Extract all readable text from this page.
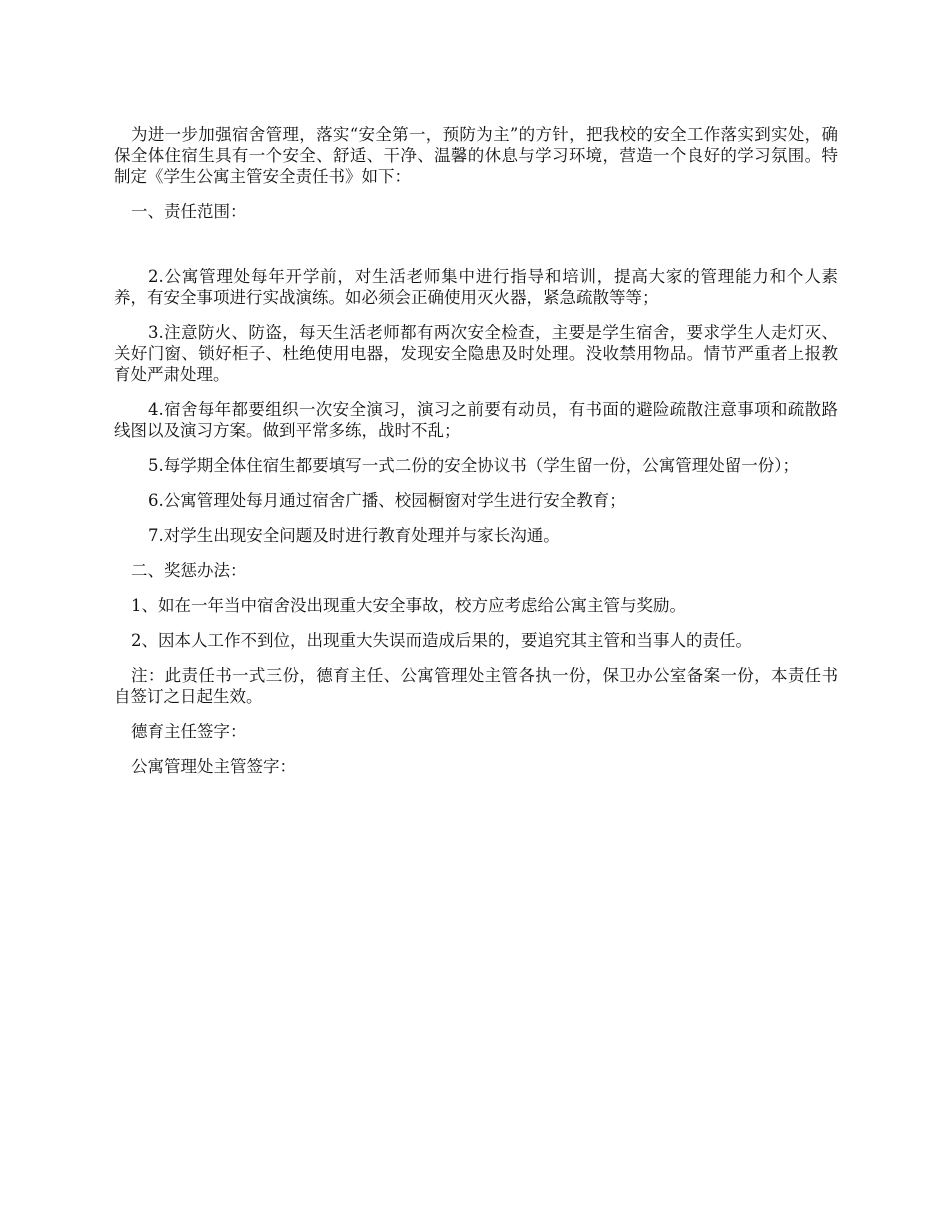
为进一步加强宿舍管理，落实“安全第一，预防为主”的方针，把我校的安全工作落实到实处，确保全体住宿生具有一个安全、舒适、干净、温馨的休息与学习环境，营造一个良好的学习氛围。特制定《学生公寓主管安全责任书》如下：

一、责任范围：

2.公寓管理处每年开学前，对生活老师集中进行指导和培训，提高大家的管理能力和个人素养，有安全事项进行实战演练。如必须会正确使用灭火器，紧急疏散等等；

3.注意防火、防盗，每天生活老师都有两次安全检查，主要是学生宿舍，要求学生人走灯灭、关好门窗、锁好柜子、杜绝使用电器，发现安全隐患及时处理。没收禁用物品。情节严重者上报教育处严肃处理。

4.宿舍每年都要组织一次安全演习，演习之前要有动员，有书面的避险疏散注意事项和疏散路线图以及演习方案。做到平常多练，战时不乱；

5.每学期全体住宿生都要填写一式二份的安全协议书（学生留一份，公寓管理处留一份）；

6.公寓管理处每月通过宿舍广播、校园橱窗对学生进行安全教育；

7.对学生出现安全问题及时进行教育处理并与家长沟通。

二、奖惩办法：

1、如在一年当中宿舍没出现重大安全事故，校方应考虑给公寓主管与奖励。

2、因本人工作不到位，出现重大失误而造成后果的，要追究其主管和当事人的责任。

注：此责任书一式三份，德育主任、公寓管理处主管各执一份，保卫办公室备案一份，本责任书自签订之日起生效。

德育主任签字：

公寓管理处主管签字：
